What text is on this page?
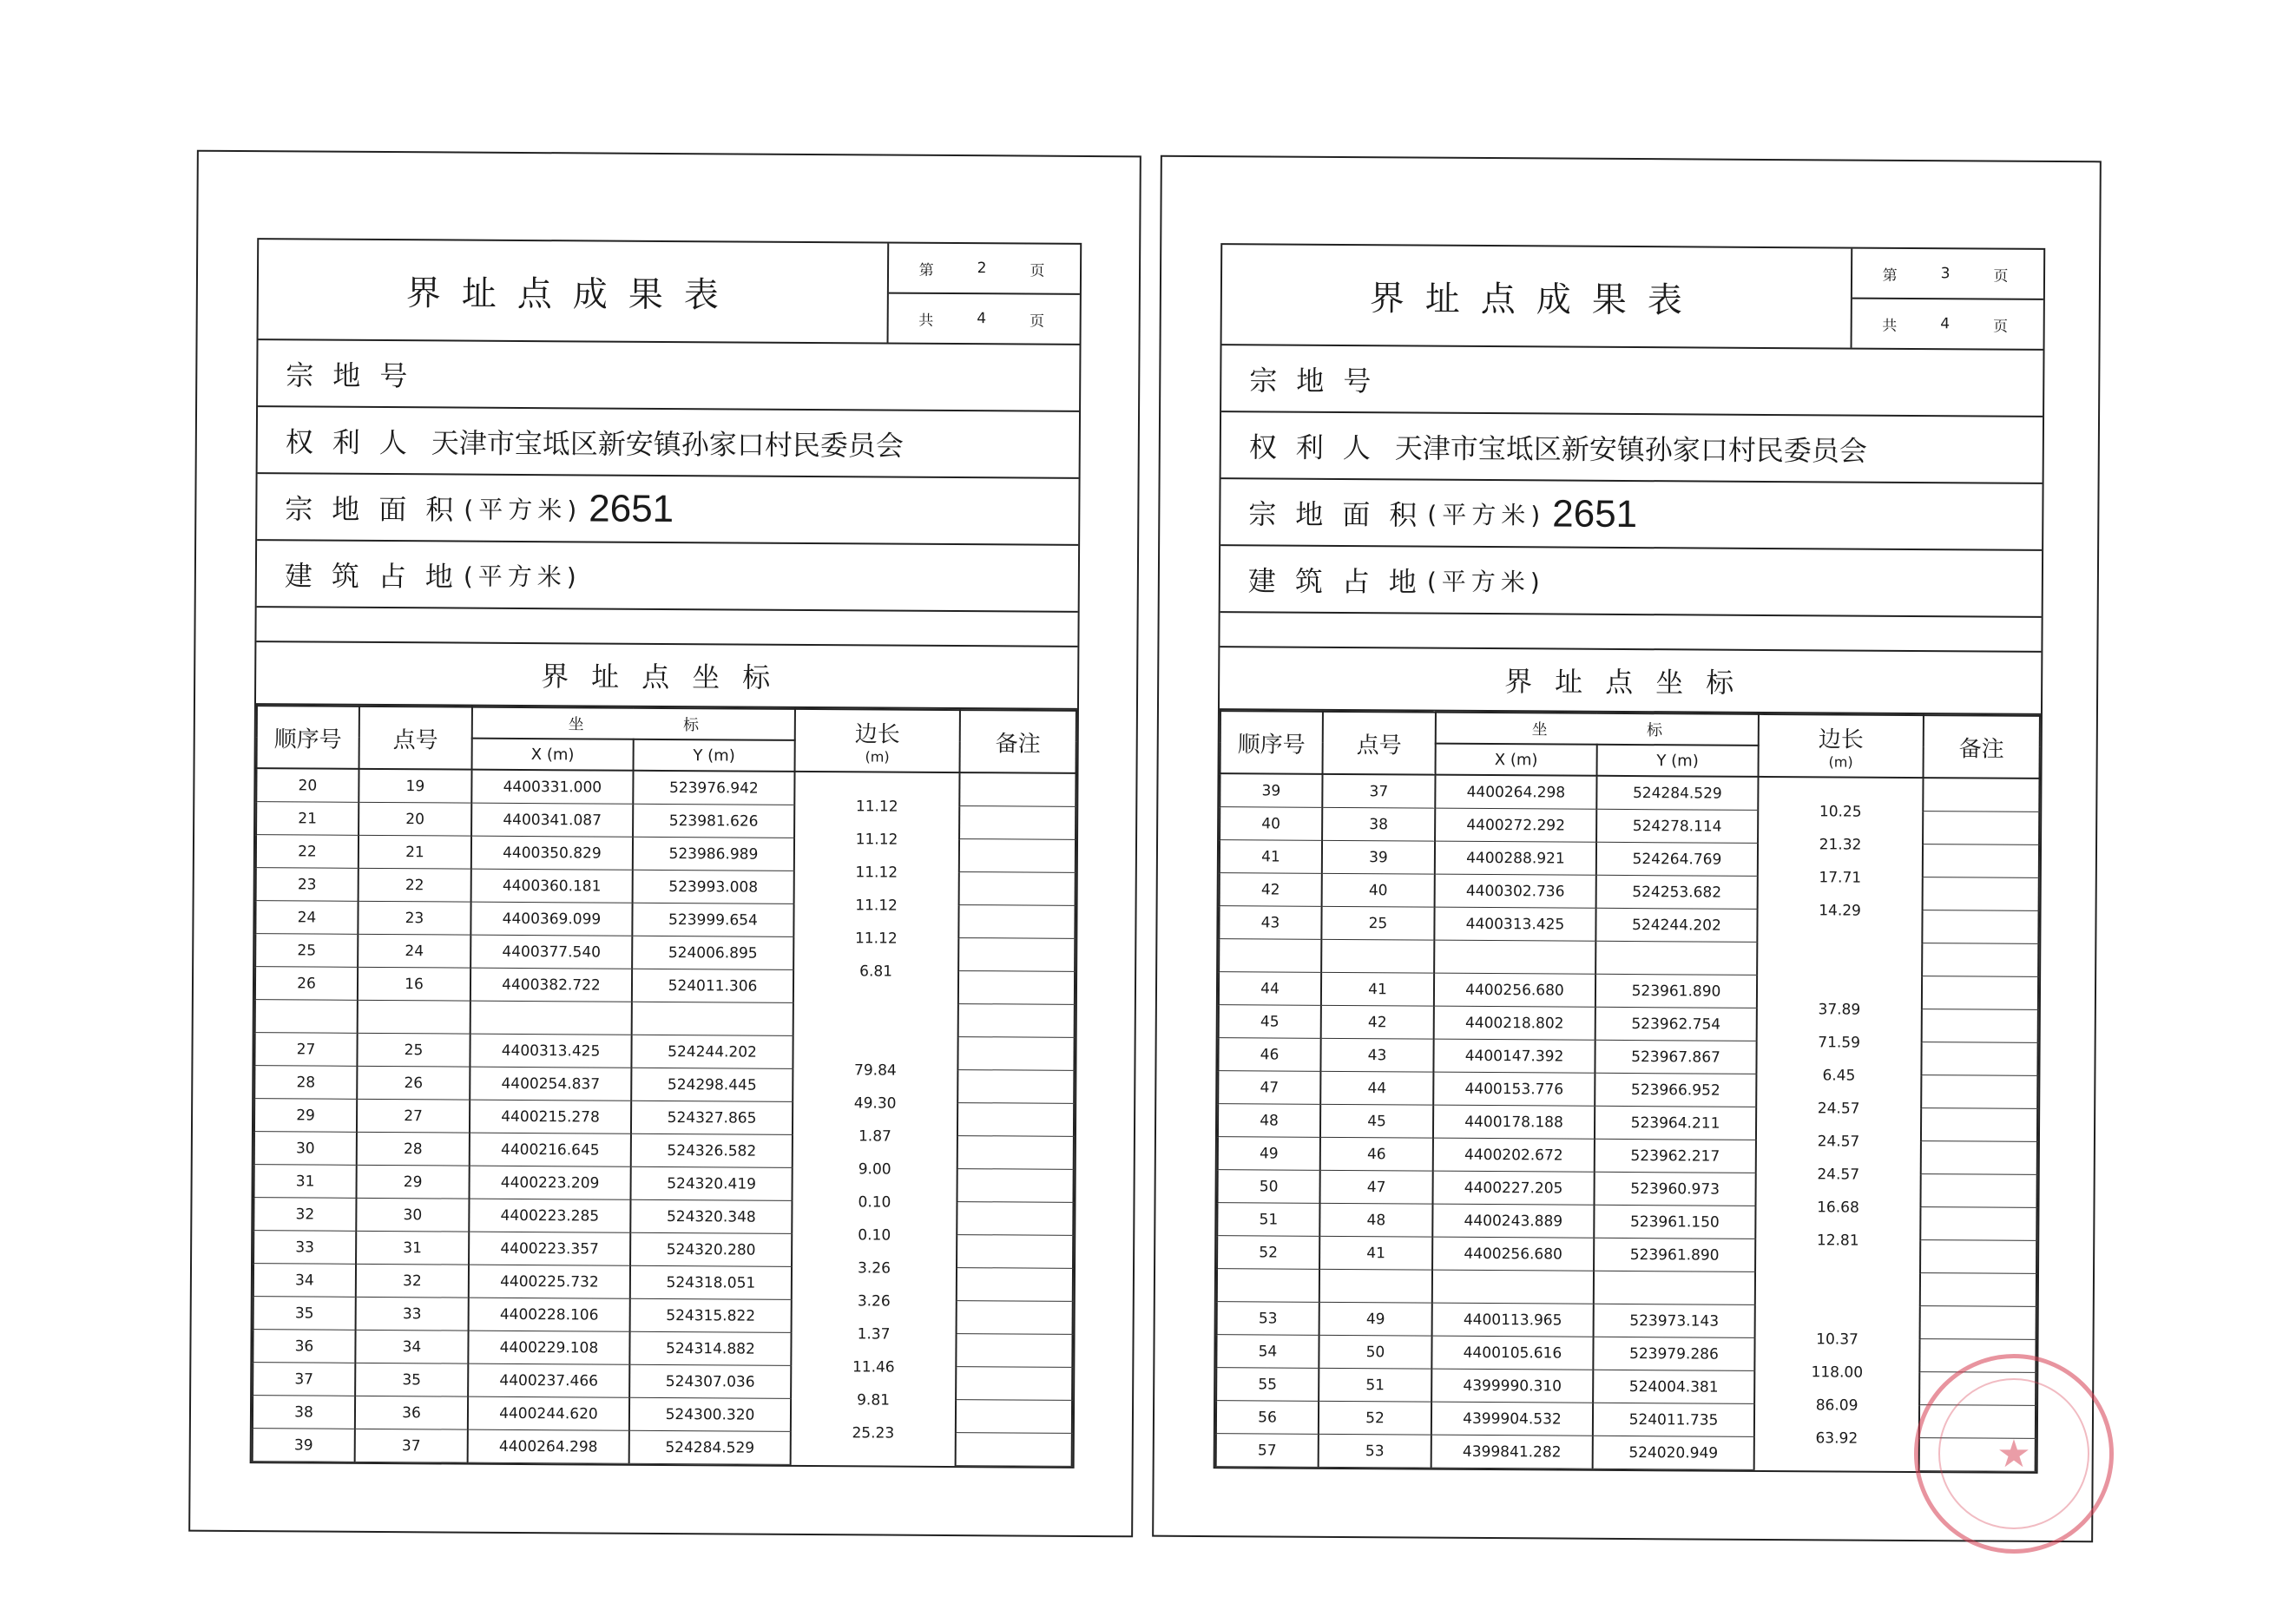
界址点成果表
第	2	页
共	4	页
宗地号
权利人 天津市宝坻区新安镇孙家口村民委员会
宗地面积
(平方米) 2651
建筑占地
(平方米)
界址点坐标
顺序号	点号	坐 标		边长
(m)	备注
		X (m)	Y (m)		
20	19	4400331.000	523976.942	11.12	

21	20	4400341.087	523981.626	11.12	

22	21	4400350.829	523986.989	11.12	

23	22	4400360.181	523993.008	11.12	

24	23	4400369.099	523999.654	11.12	

25	24	4400377.540	524006.895	6.81	

26	16	4400382.722	524011.306	

27	25	4400313.425	524244.202	79.84	

28	26	4400254.837	524298.445	49.30	

29	27	4400215.278	524327.865	1.87	

30	28	4400216.645	524326.582	9.00	

31	29	4400223.209	524320.419	0.10	

32	30	4400223.285	524320.348	0.10	

33	31	4400223.357	524320.280	3.26	

34	32	4400225.732	524318.051	3.26	

35	33	4400228.106	524315.822	1.37	

36	34	4400229.108	524314.882	11.46	

37	35	4400237.466	524307.036	9.81	

38	36	4400244.620	524300.320	25.23	

39	37	4400264.298	524284.529	

界址点成果表
第	3	页
共	4	页
宗地号
权利人 天津市宝坻区新安镇孙家口村民委员会
宗地面积
(平方米) 2651
建筑占地
(平方米)
界址点坐标
顺序号	点号	坐 标		边长
(m)	备注
		X (m)	Y (m)		
39	37	4400264.298	524284.529	10.25	

40	38	4400272.292	524278.114	21.32	

41	39	4400288.921	524264.769	17.71	

42	40	4400302.736	524253.682	14.29	

43	25	4400313.425	524244.202	

44	41	4400256.680	523961.890	37.89	

45	42	4400218.802	523962.754	71.59	

46	43	4400147.392	523967.867	6.45	

47	44	4400153.776	523966.952	24.57	

48	45	4400178.188	523964.211	24.57	

49	46	4400202.672	523962.217	24.57	

50	47	4400227.205	523960.973	16.68	

51	48	4400243.889	523961.150	12.81	

52	41	4400256.680	523961.890	

53	49	4400113.965	523973.143	10.37	

54	50	4400105.616	523979.286	118.00	

55	51	4399990.310	524004.381	86.09	

56	52	4399904.532	524011.735	63.92	

57	53	4399841.282	524020.949	
		★
